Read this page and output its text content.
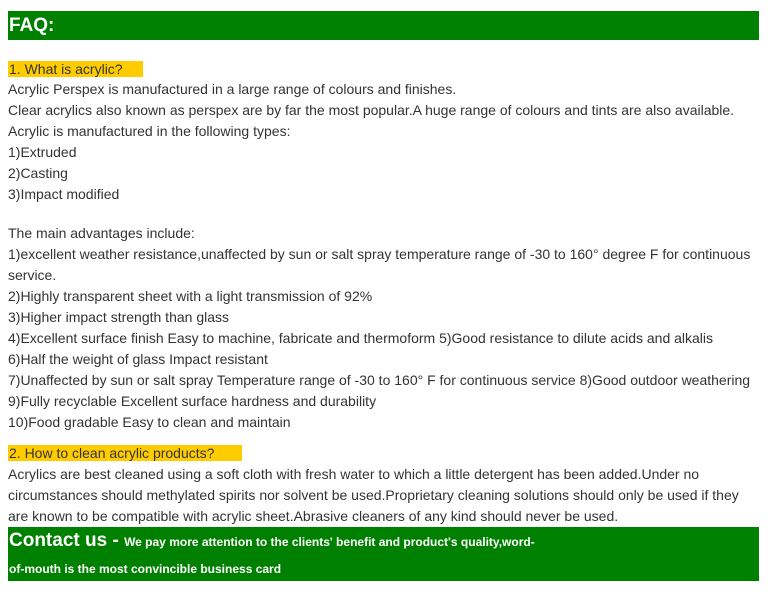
FAQ:
1. What is acrylic?
Acrylic Perspex is manufactured in a large range of colours and finishes.
Clear acrylics also known as perspex are by far the most popular.A huge range of colours and tints are also available.
Acrylic is manufactured in the following types:
1)Extruded
2)Casting
3)Impact modified
The main advantages include:
1)excellent weather resistance,unaffected by sun or salt spray temperature range of -30 to 160° degree F for continuous
service.
2)Highly transparent sheet with a light transmission of 92%
3)Higher impact strength than glass
4)Excellent surface finish Easy to machine, fabricate and thermoform 5)Good resistance to dilute acids and alkalis
6)Half the weight of glass Impact resistant
7)Unaffected by sun or salt spray Temperature range of -30 to 160° F for continuous service 8)Good outdoor weathering
9)Fully recyclable Excellent surface hardness and durability
10)Food gradable Easy to clean and maintain
2. How to clean acrylic products?
Acrylics are best cleaned using a soft cloth with fresh water to which a little detergent has been added.Under no
circumstances should methylated spirits nor solvent be used.Proprietary cleaning solutions should only be used if they
are known to be compatible with acrylic sheet.Abrasive cleaners of any kind should never be used.
Contact us - We pay more attention to the clients' benefit and product's quality,word-
of-mouth is the most convincible business card
